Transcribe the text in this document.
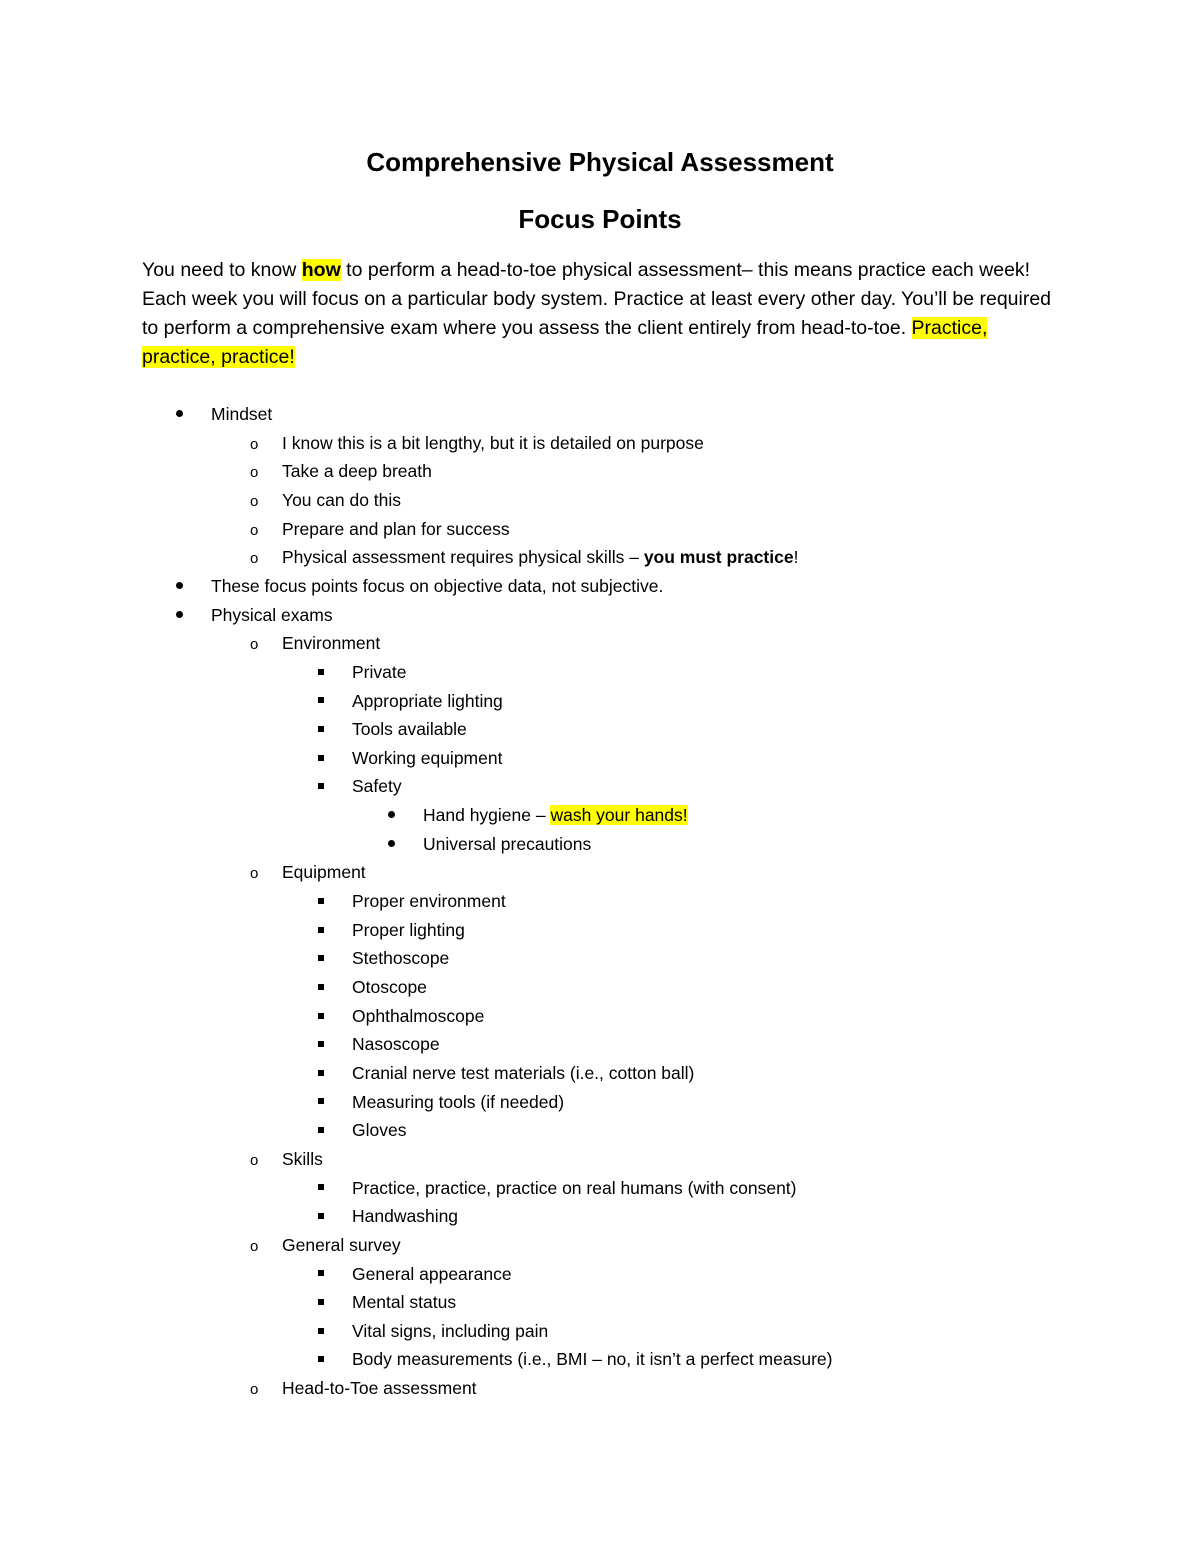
Comprehensive Physical Assessment
Focus Points
You need to know how to perform a head-to-toe physical assessment– this means practice each week! Each week you will focus on a particular body system. Practice at least every other day. You’ll be required to perform a comprehensive exam where you assess the client entirely from head-to-toe. Practice, practice, practice!
Mindset
o I know this is a bit lengthy, but it is detailed on purpose
o Take a deep breath
o You can do this
o Prepare and plan for success
o Physical assessment requires physical skills – you must practice!
These focus points focus on objective data, not subjective.
Physical exams
o Environment
Private
Appropriate lighting
Tools available
Working equipment
Safety
Hand hygiene – wash your hands!
Universal precautions
o Equipment
Proper environment
Proper lighting
Stethoscope
Otoscope
Ophthalmoscope
Nasoscope
Cranial nerve test materials (i.e., cotton ball)
Measuring tools (if needed)
Gloves
o Skills
Practice, practice, practice on real humans (with consent)
Handwashing
o General survey
General appearance
Mental status
Vital signs, including pain
Body measurements (i.e., BMI – no, it isn’t a perfect measure)
o Head-to-Toe assessment
